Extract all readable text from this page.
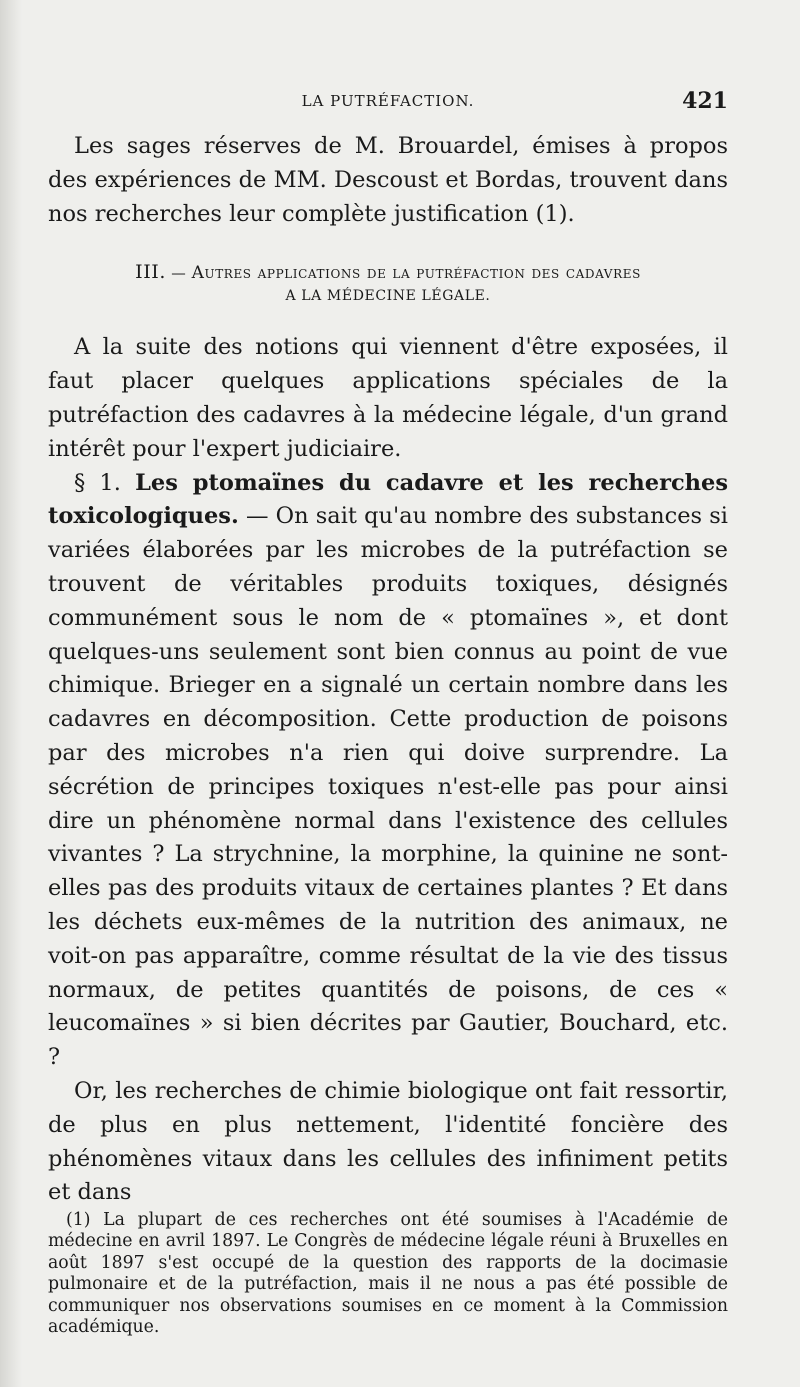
LA PUTRÉFACTION.	421

Les sages réserves de M. Brouardel, émises à propos des expériences de MM. Descoust et Bordas, trouvent dans nos recherches leur complète justification (1).

III. — Autres applications de la putréfaction des cadavres
A LA MÉDECINE LÉGALE.

A la suite des notions qui viennent d'être exposées, il faut placer quelques applications spéciales de la putréfaction des cadavres à la médecine légale, d'un grand intérêt pour l'expert judiciaire.

§ 1. Les ptomaïnes du cadavre et les recherches toxicologiques. — On sait qu'au nombre des substances si variées élaborées par les microbes de la putréfaction se trouvent de véritables produits toxiques, désignés communément sous le nom de « ptomaïnes », et dont quelques-uns seulement sont bien connus au point de vue chimique. Brieger en a signalé un certain nombre dans les cadavres en décomposition. Cette production de poisons par des microbes n'a rien qui doive surprendre. La sécrétion de principes toxiques n'est-elle pas pour ainsi dire un phénomène normal dans l'existence des cellules vivantes ? La strychnine, la morphine, la quinine ne sont-elles pas des produits vitaux de certaines plantes ? Et dans les déchets eux-mêmes de la nutrition des animaux, ne voit-on pas apparaître, comme résultat de la vie des tissus normaux, de petites quantités de poisons, de ces « leucomaïnes » si bien décrites par Gautier, Bouchard, etc. ?

Or, les recherches de chimie biologique ont fait ressortir, de plus en plus nettement, l'identité foncière des phénomènes vitaux dans les cellules des infiniment petits et dans

(1) La plupart de ces recherches ont été soumises à l'Académie de médecine en avril 1897. Le Congrès de médecine légale réuni à Bruxelles en août 1897 s'est occupé de la question des rapports de la docimasie pulmonaire et de la putréfaction, mais il ne nous a pas été possible de communiquer nos observations soumises en ce moment à la Commission académique.
